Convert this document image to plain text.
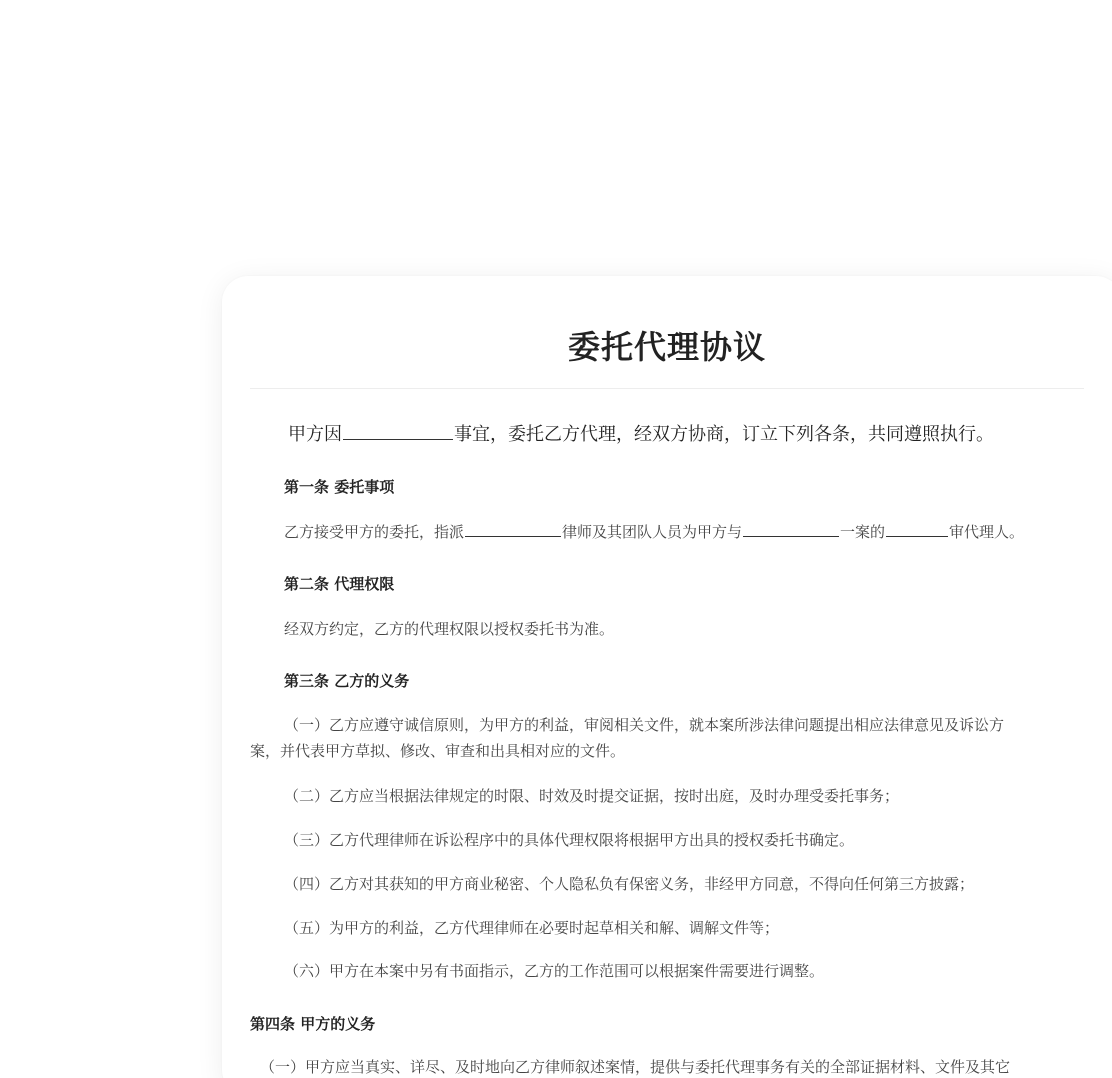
委托代理协议

甲方因	事宜，委托乙方代理，经双方协商，订立下列各条，共同遵照执行。

第一条 委托事项

乙方接受甲方的委托，指派	律师及其团队人员为甲方与	一案的	审代理人。

第二条 代理权限

经双方约定，乙方的代理权限以授权委托书为准。

第三条 乙方的义务

（一）乙方应遵守诚信原则，为甲方的利益，审阅相关文件，就本案所涉法律问题提出相应法律意见及诉讼方

案，并代表甲方草拟、修改、审查和出具相对应的文件。

（二）乙方应当根据法律规定的时限、时效及时提交证据，按时出庭，及时办理受委托事务；

（三）乙方代理律师在诉讼程序中的具体代理权限将根据甲方出具的授权委托书确定。

（四）乙方对其获知的甲方商业秘密、个人隐私负有保密义务，非经甲方同意，不得向任何第三方披露；

（五）为甲方的利益，乙方代理律师在必要时起草相关和解、调解文件等；

（六）甲方在本案中另有书面指示，乙方的工作范围可以根据案件需要进行调整。

第四条 甲方的义务

（一）甲方应当真实、详尽、及时地向乙方律师叙述案情，提供与委托代理事务有关的全部证据材料、文件及其它
